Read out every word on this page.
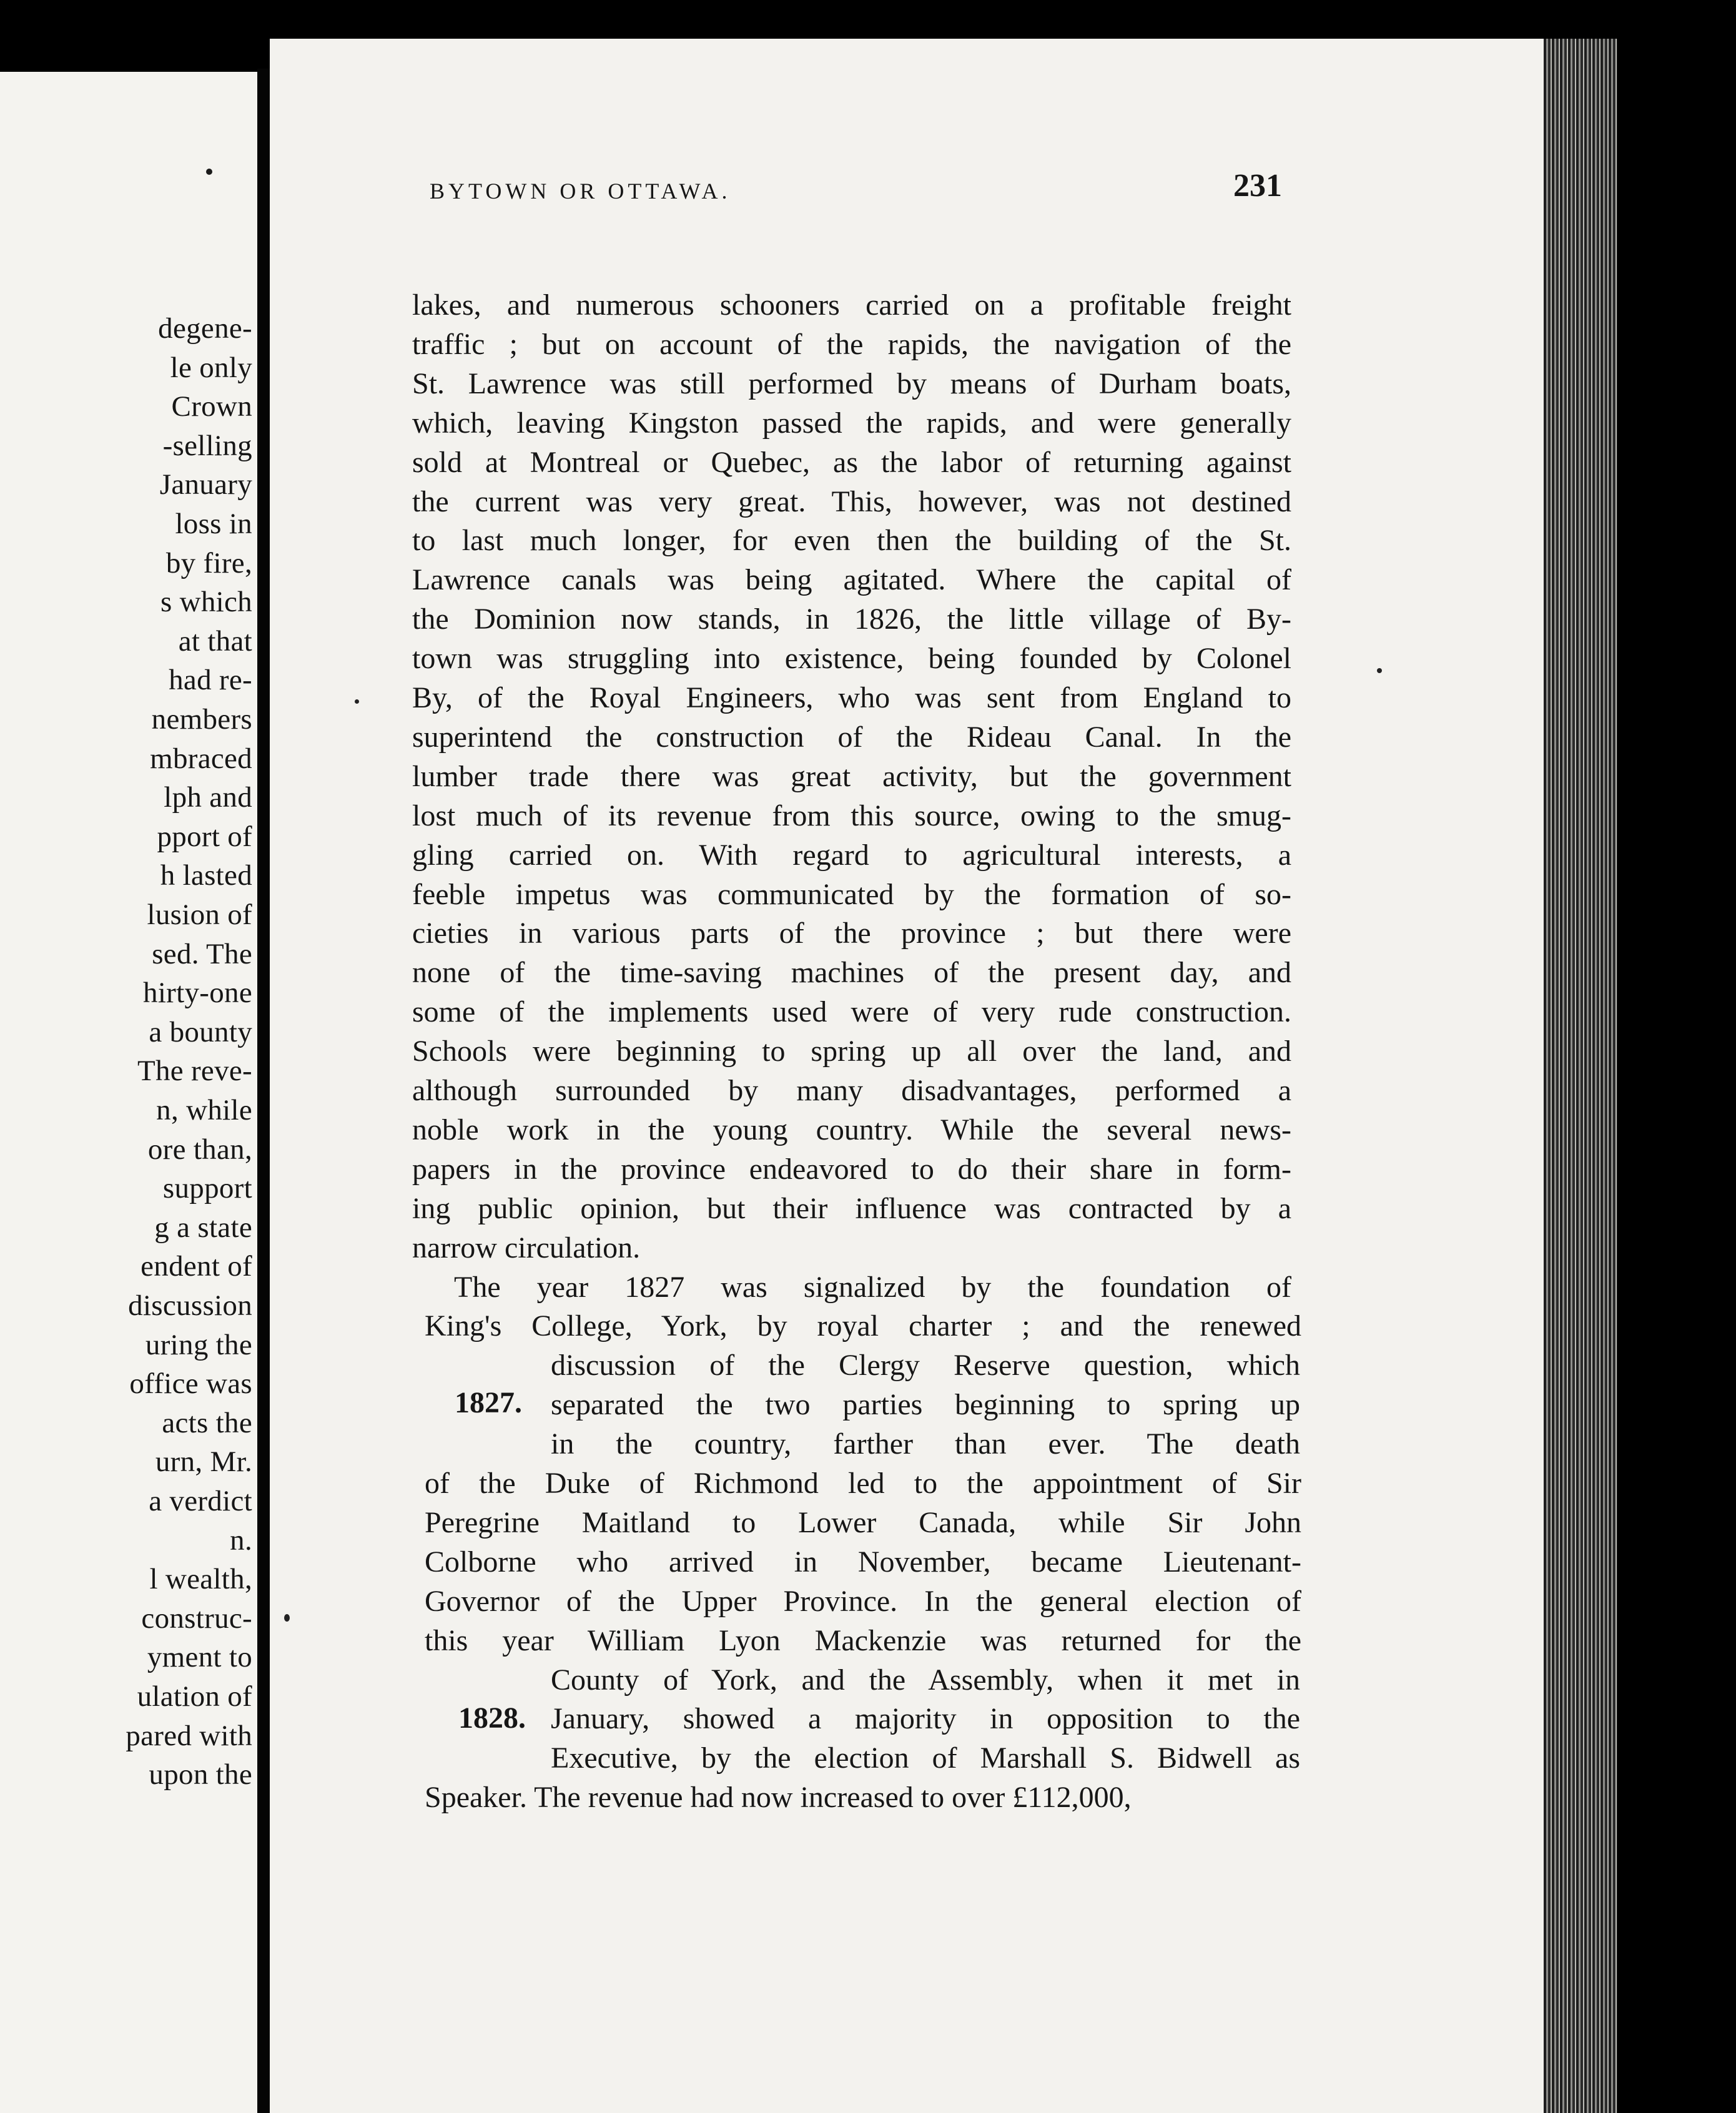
degene-
le only
Crown
-selling
January
loss in
by fire,
s which
at that
had re-
nembers
mbraced
lph and
pport of
h lasted
lusion of
sed. The
hirty-one
a bounty
The reve-
n, while
ore than,
support
g a state
endent of
discussion
uring the
office was
acts the
urn, Mr.
a verdict
n.
l wealth,
construc-
yment to
ulation of
pared with
upon the
BYTOWN OR OTTAWA.	231
lakes, and numerous schooners carried on a profitable freight
traffic ; but on account of the rapids, the navigation of the
St. Lawrence was still performed by means of Durham boats,
which, leaving Kingston passed the rapids, and were generally
sold at Montreal or Quebec, as the labor of returning against
the current was very great. This, however, was not destined
to last much longer, for even then the building of the St.
Lawrence canals was being agitated. Where the capital of
the Dominion now stands, in 1826, the little village of By-
town was struggling into existence, being founded by Colonel
By, of the Royal Engineers, who was sent from England to
superintend the construction of the Rideau Canal. In the
lumber trade there was great activity, but the government
lost much of its revenue from this source, owing to the smug-
gling carried on. With regard to agricultural interests, a
feeble impetus was communicated by the formation of so-
cieties in various parts of the province ; but there were
none of the time-saving machines of the present day, and
some of the implements used were of very rude construction.
Schools were beginning to spring up all over the land, and
although surrounded by many disadvantages, performed a
noble work in the young country. While the several news-
papers in the province endeavored to do their share in form-
ing public opinion, but their influence was contracted by a
narrow circulation.
The year 1827 was signalized by the foundation of
King's College, York, by royal charter ; and the renewed
discussion of the Clergy Reserve question, which
separated the two parties beginning to spring up
in the country, farther than ever. The death
of the Duke of Richmond led to the appointment of Sir
Peregrine Maitland to Lower Canada, while Sir John
Colborne who arrived in November, became Lieutenant-
Governor of the Upper Province. In the general election of
this year William Lyon Mackenzie was returned for the
County of York, and the Assembly, when it met in
January, showed a majority in opposition to the
Executive, by the election of Marshall S. Bidwell as
Speaker. The revenue had now increased to over £112,000,
1827.
1828.
